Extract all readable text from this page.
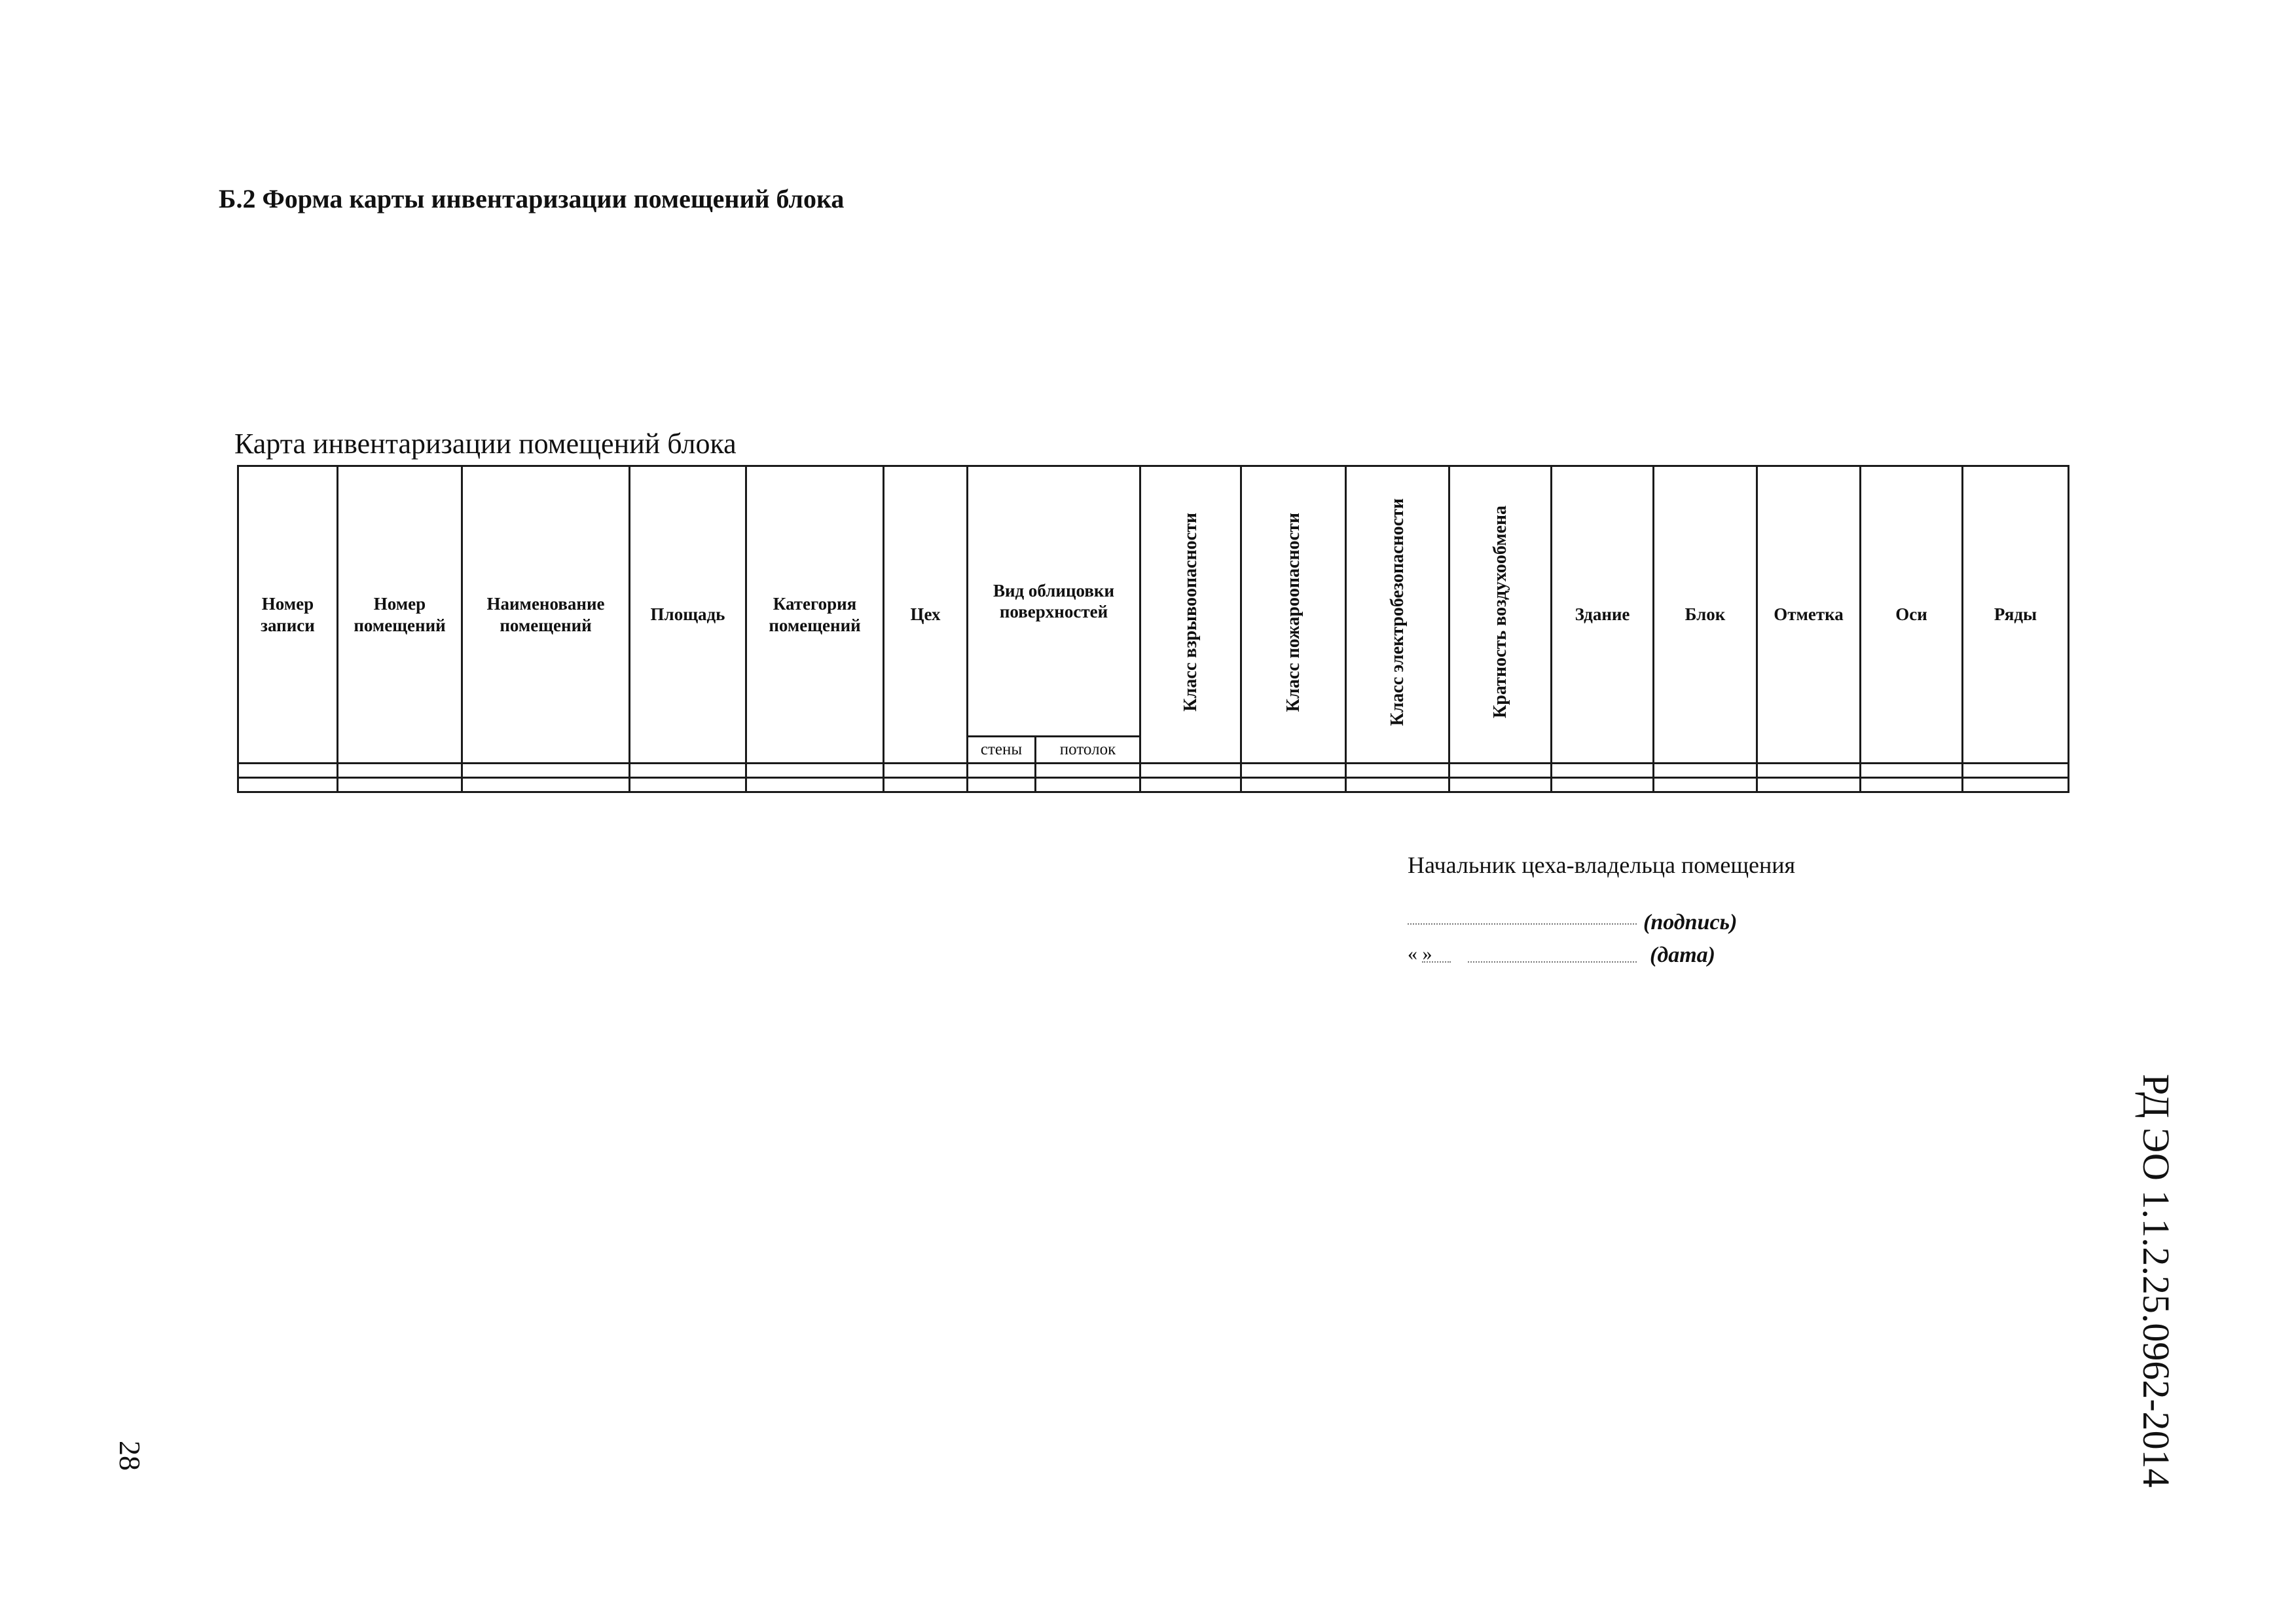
Б.2 Форма карты инвентаризации помещений блока
Карта инвентаризации помещений блока
Номер записи	Номер помещений	Наименование помещений	Площадь	Категория помещений	Цех	Вид облицовки поверхностей		Класс взрывоопасности	Класс пожароопасности	Класс электробезопасности	Кратность воздухообмена	Здание	Блок	Отметка	Оси	Ряды
						стены	потолок									

Начальник цеха-владельца помещения
(подпись)
« »	(дата)
РД ЭО 1.1.2.25.0962-2014
28
